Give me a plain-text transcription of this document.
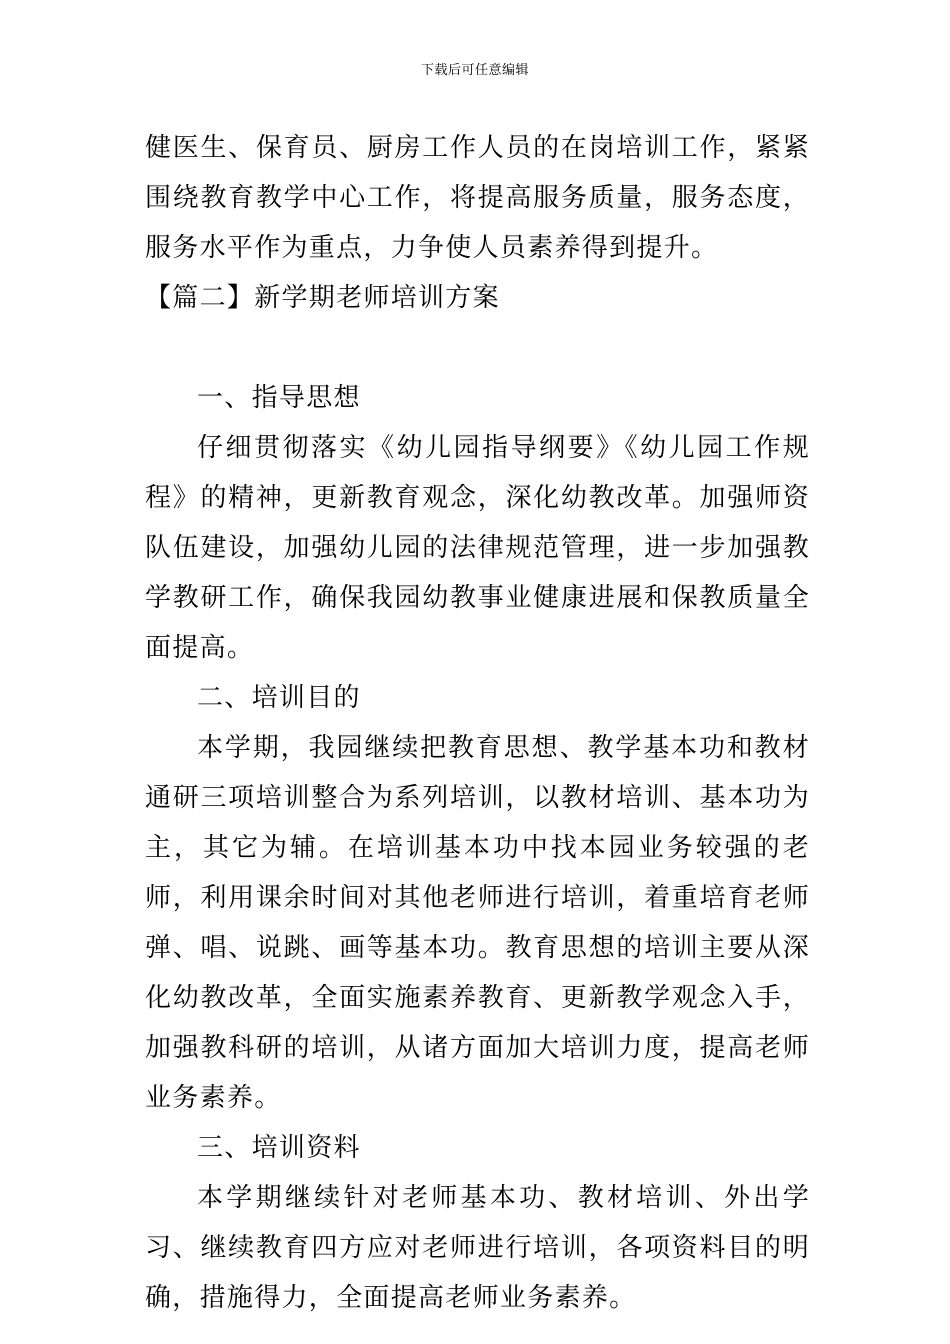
下载后可任意编辑

健医生、保育员、厨房工作人员的在岗培训工作，紧紧围绕教育教学中心工作，将提高服务质量，服务态度，服务水平作为重点，力争使人员素养得到提升。

【篇二】新学期老师培训方案

一、指导思想

仔细贯彻落实《幼儿园指导纲要》《幼儿园工作规程》的精神，更新教育观念，深化幼教改革。加强师资队伍建设，加强幼儿园的法律规范管理，进一步加强教学教研工作，确保我园幼教事业健康进展和保教质量全面提高。

二、培训目的

本学期，我园继续把教育思想、教学基本功和教材通研三项培训整合为系列培训，以教材培训、基本功为主，其它为辅。在培训基本功中找本园业务较强的老师，利用课余时间对其他老师进行培训，着重培育老师弹、唱、说跳、画等基本功。教育思想的培训主要从深化幼教改革，全面实施素养教育、更新教学观念入手，加强教科研的培训，从诸方面加大培训力度，提高老师业务素养。

三、培训资料

本学期继续针对老师基本功、教材培训、外出学习、继续教育四方应对老师进行培训，各项资料目的明确，措施得力，全面提高老师业务素养。
